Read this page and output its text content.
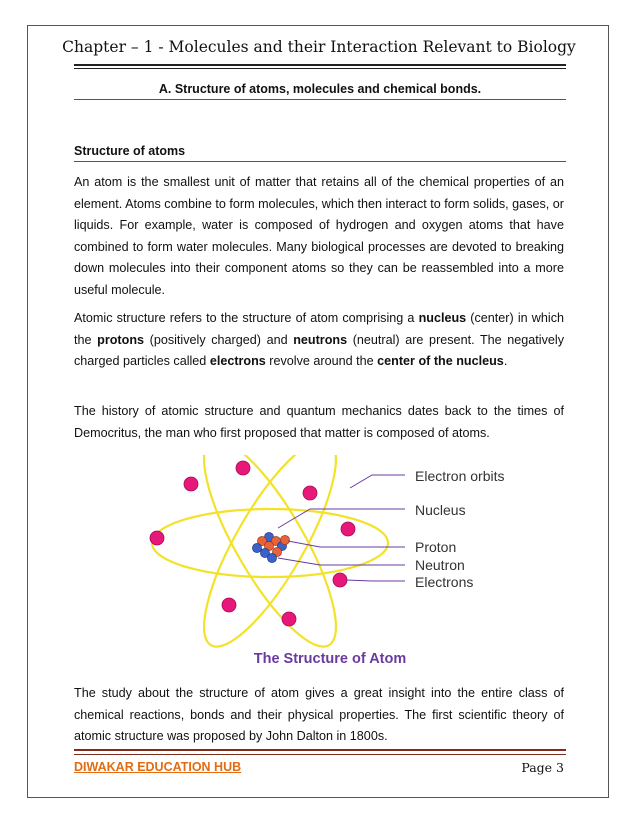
Chapter – 1 - Molecules and their Interaction Relevant to Biology
A. Structure of atoms, molecules and chemical bonds.
Structure of atoms

An atom is the smallest unit of matter that retains all of the chemical properties of an element. Atoms combine to form molecules, which then interact to form solids, gases, or liquids. For example, water is composed of hydrogen and oxygen atoms that have combined to form water molecules. Many biological processes are devoted to breaking down molecules into their component atoms so they can be reassembled into a more useful molecule.

Atomic structure refers to the structure of atom comprising a nucleus (center) in which the protons (positively charged) and neutrons (neutral) are present. The negatively charged particles called electrons revolve around the center of the nucleus.

The history of atomic structure and quantum mechanics dates back to the times of Democritus, the man who first proposed that matter is composed of atoms.

Electron orbits
Nucleus
Proton
Neutron
Electrons
The Structure of Atom

The study about the structure of atom gives a great insight into the entire class of chemical reactions, bonds and their physical properties. The first scientific theory of atomic structure was proposed by John Dalton in 1800s.

DIWAKAR EDUCATION HUB	Page 3
